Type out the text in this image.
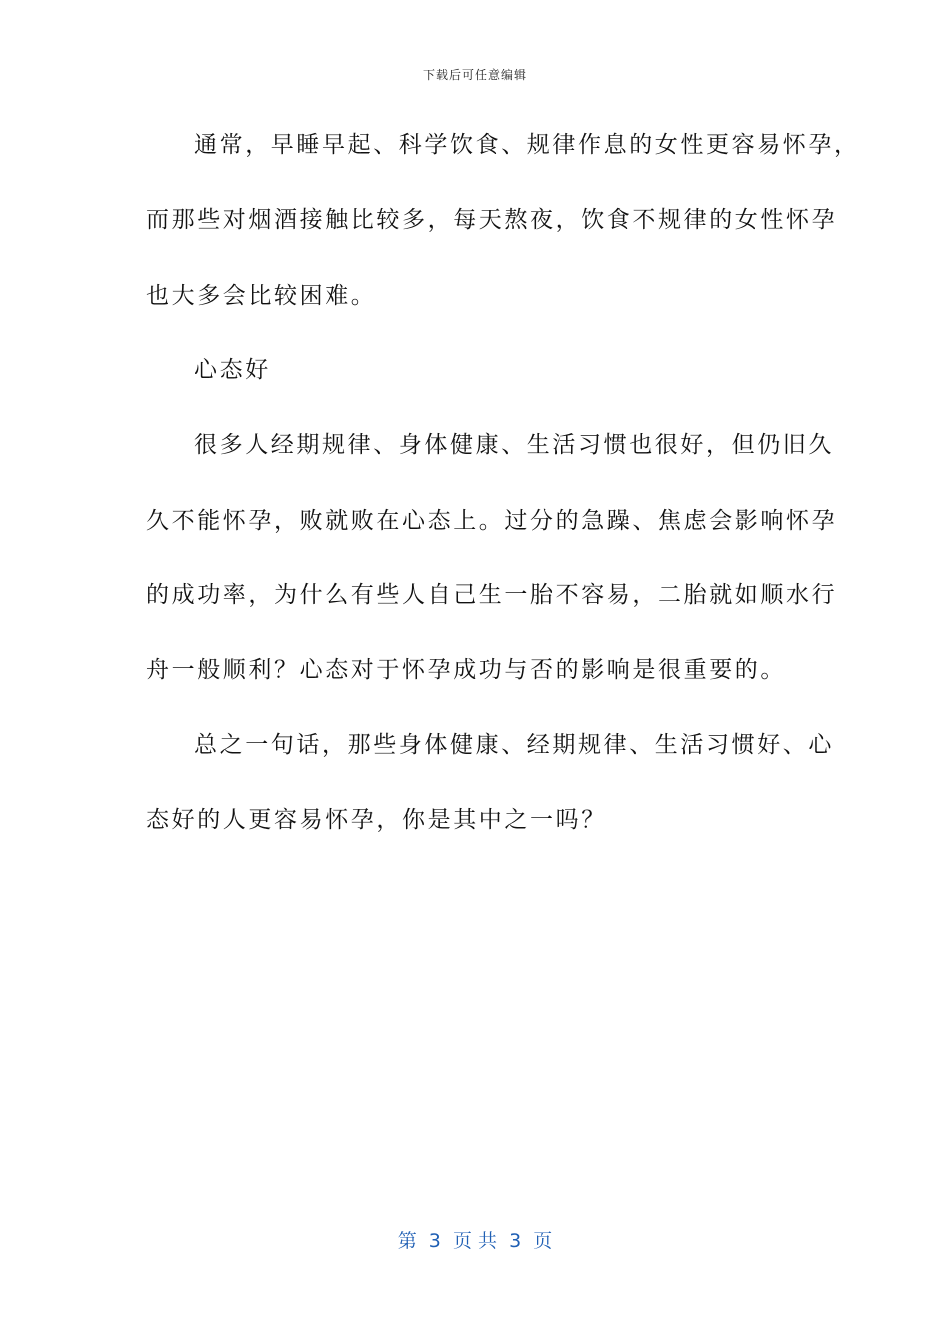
下载后可任意编辑
通常，早睡早起、科学饮食、规律作息的女性更容易怀孕，
而那些对烟酒接触比较多，每天熬夜，饮食不规律的女性怀孕
也大多会比较困难。
心态好
很多人经期规律、身体健康、生活习惯也很好，但仍旧久
久不能怀孕，败就败在心态上。过分的急躁、焦虑会影响怀孕
的成功率，为什么有些人自己生一胎不容易，二胎就如顺水行
舟一般顺利？心态对于怀孕成功与否的影响是很重要的。
总之一句话，那些身体健康、经期规律、生活习惯好、心
态好的人更容易怀孕，你是其中之一吗？
第  3  页 共  3  页
